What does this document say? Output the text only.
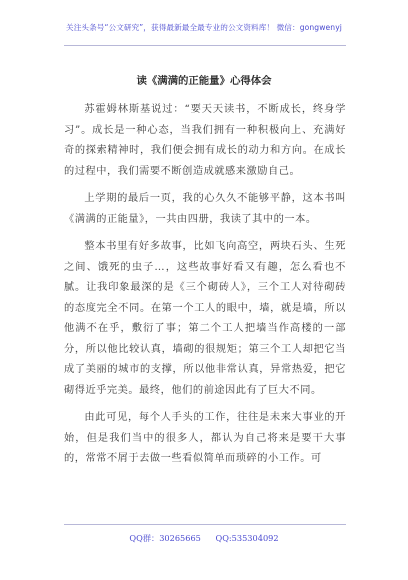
关注头条号“公文研究”，获得最新最全最专业的公文资料库！ 微信：gongwenyj
读《满满的正能量》心得体会

苏霍姆林斯基说过：“要天天读书，不断成长，终身学习”。成长是一种心态，当我们拥有一种积极向上、充满好奇的探索精神时，我们便会拥有成长的动力和方向。在成长的过程中，我们需要不断创造成就感来激励自己。

上学期的最后一页，我的心久久不能够平静，这本书叫《满满的正能量》，一共由四册，我读了其中的一本。

整本书里有好多故事，比如飞向高空，两块石头、生死之间、饿死的虫子…，这些故事好看又有趣，怎么看也不腻。让我印象最深的是《三个砌砖人》，三个工人对待砌砖的态度完全不同。在第一个工人的眼中，墙，就是墙，所以他满不在乎，敷衍了事；第二个工人把墙当作高楼的一部分，所以他比较认真，墙砌的很规矩；第三个工人却把它当成了美丽的城市的支撑，所以他非常认真，异常热爱，把它砌得近乎完美。最终，他们的前途因此有了巨大不同。

由此可见，每个人手头的工作，往往是未来大事业的开始，但是我们当中的很多人，都认为自己将来是要干大事的，常常不屑于去做一些看似简单而琐碎的小工作。可

QQ群：30265665 QQ:535304092
